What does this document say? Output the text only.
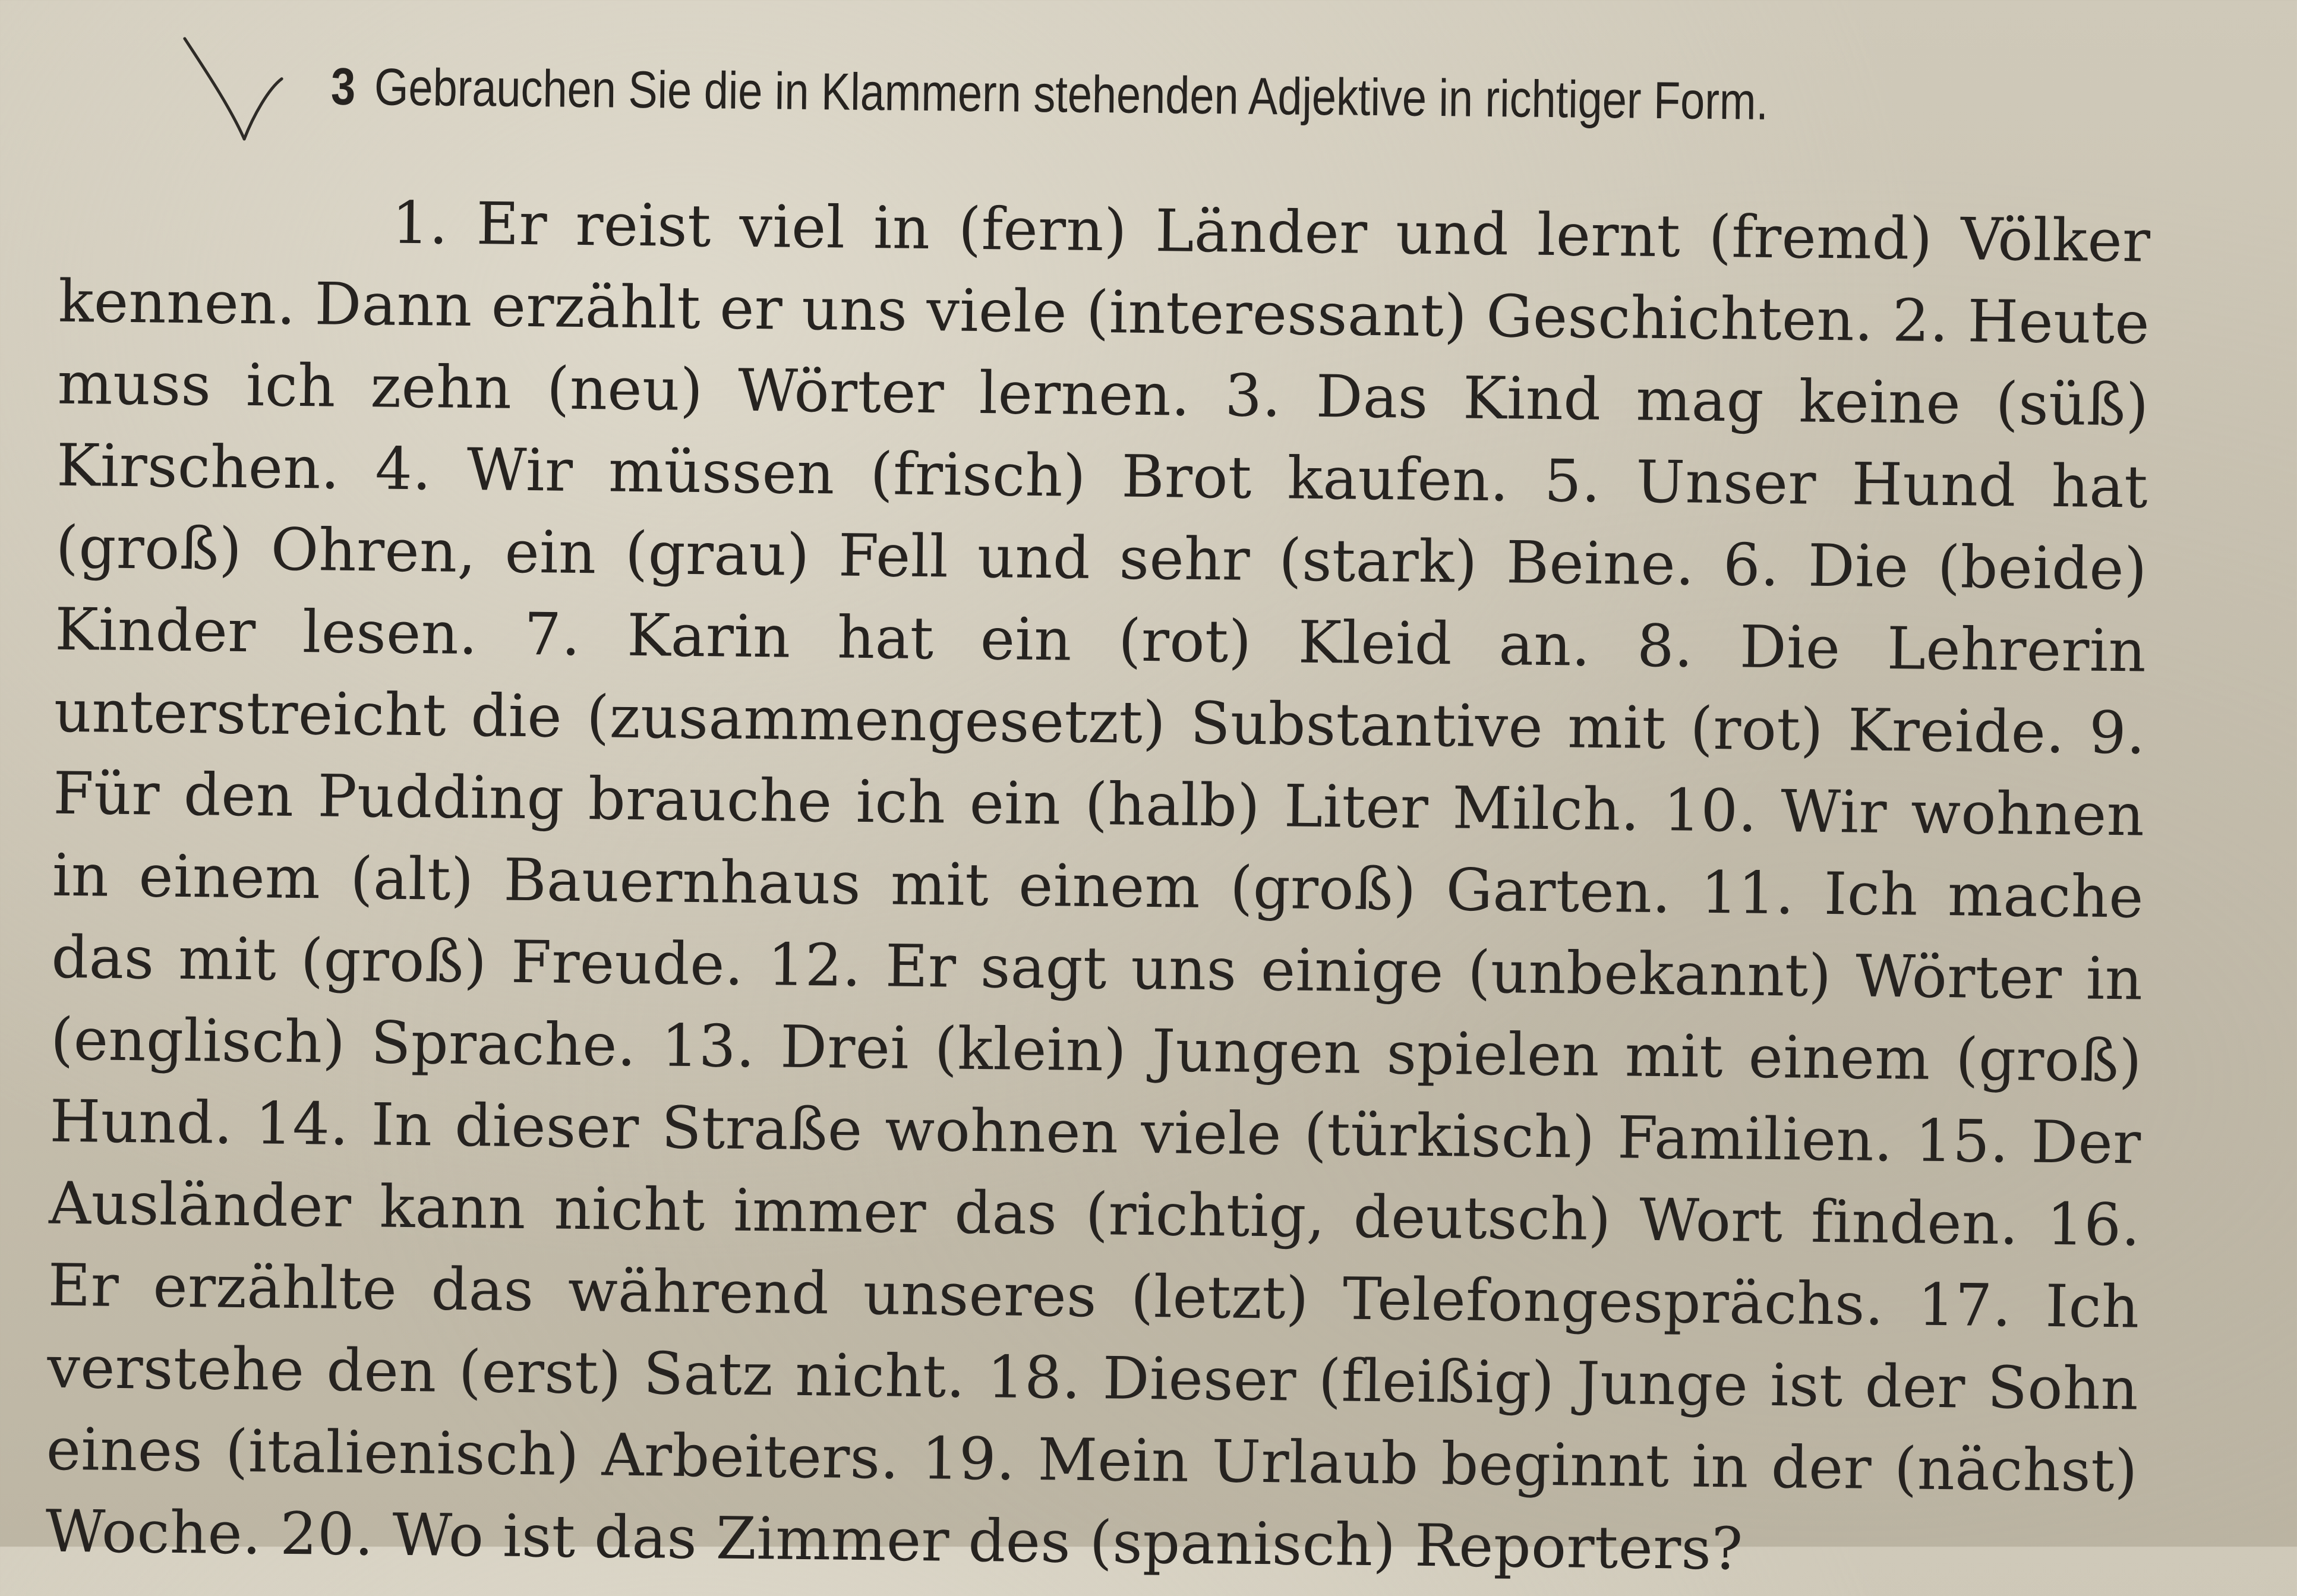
3 Gebrauchen Sie die in Klammern stehenden Adjektive in richtiger Form.
1. Er reist viel in (fern) Länder und lernt (fremd) Völker kennen. Dann erzählt er uns viele (interessant) Geschichten. 2. Heute muss ich zehn (neu) Wörter lernen. 3. Das Kind mag keine (süß) Kirschen. 4. Wir müssen (frisch) Brot kaufen. 5. Unser Hund hat (groß) Ohren, ein (grau) Fell und sehr (stark) Beine. 6. Die (beide) Kinder lesen. 7. Karin hat ein (rot) Kleid an. 8. Die Lehrerin unterstreicht die (zusammengesetzt) Substantive mit (rot) Kreide. 9. Für den Pudding brauche ich ein (halb) Liter Milch. 10. Wir wohnen in einem (alt) Bauernhaus mit einem (groß) Garten. 11. Ich mache das mit (groß) Freude. 12. Er sagt uns einige (unbekannt) Wörter in (englisch) Sprache. 13. Drei (klein) Jungen spielen mit einem (groß) Hund. 14. In dieser Straße wohnen viele (türkisch) Familien. 15. Der Ausländer kann nicht immer das (richtig, deutsch) Wort finden. 16. Er erzählte das während unseres (letzt) Telefongesprächs. 17. Ich verstehe den (erst) Satz nicht. 18. Dieser (fleißig) Junge ist der Sohn eines (italienisch) Arbeiters. 19. Mein Urlaub beginnt in der (nächst) Woche. 20. Wo ist das Zimmer des (spanisch) Reporters?
